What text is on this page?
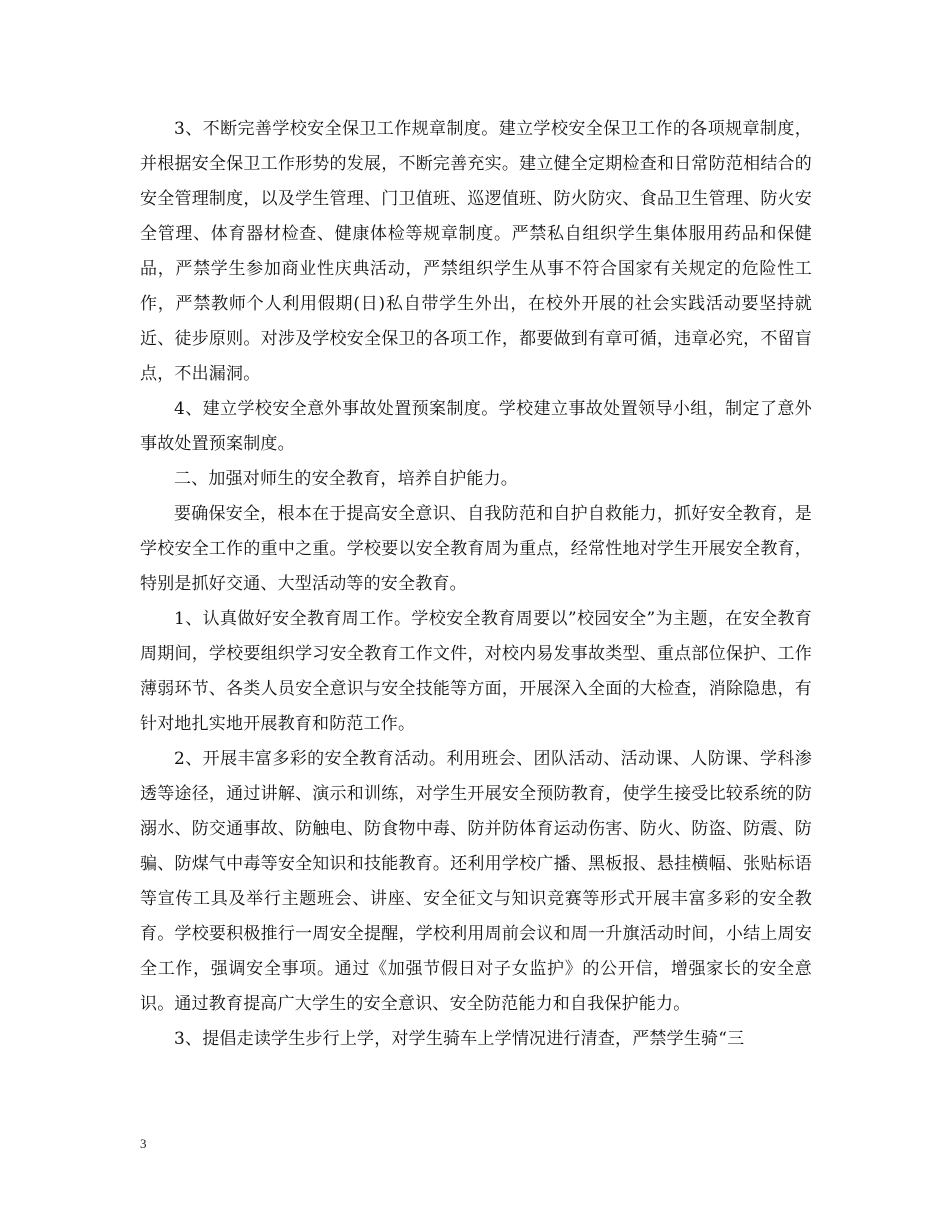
3、不断完善学校安全保卫工作规章制度。建立学校安全保卫工作的各项规章制度，并根据安全保卫工作形势的发展，不断完善充实。建立健全定期检查和日常防范相结合的安全管理制度，以及学生管理、门卫值班、巡逻值班、防火防灾、食品卫生管理、防火安全管理、体育器材检查、健康体检等规章制度。严禁私自组织学生集体服用药品和保健品，严禁学生参加商业性庆典活动，严禁组织学生从事不符合国家有关规定的危险性工作，严禁教师个人利用假期(日)私自带学生外出，在校外开展的社会实践活动要坚持就近、徒步原则。对涉及学校安全保卫的各项工作，都要做到有章可循，违章必究，不留盲点，不出漏洞。

4、建立学校安全意外事故处置预案制度。学校建立事故处置领导小组，制定了意外事故处置预案制度。

二、加强对师生的安全教育，培养自护能力。

要确保安全，根本在于提高安全意识、自我防范和自护自救能力，抓好安全教育，是学校安全工作的重中之重。学校要以安全教育周为重点，经常性地对学生开展安全教育，特别是抓好交通、大型活动等的安全教育。

1、认真做好安全教育周工作。学校安全教育周要以”校园安全”为主题，在安全教育周期间，学校要组织学习安全教育工作文件，对校内易发事故类型、重点部位保护、工作薄弱环节、各类人员安全意识与安全技能等方面，开展深入全面的大检查，消除隐患，有针对地扎实地开展教育和防范工作。

2、开展丰富多彩的安全教育活动。利用班会、团队活动、活动课、人防课、学科渗透等途径，通过讲解、演示和训练，对学生开展安全预防教育，使学生接受比较系统的防溺水、防交通事故、防触电、防食物中毒、防并防体育运动伤害、防火、防盗、防震、防骗、防煤气中毒等安全知识和技能教育。还利用学校广播、黑板报、悬挂横幅、张贴标语等宣传工具及举行主题班会、讲座、安全征文与知识竞赛等形式开展丰富多彩的安全教育。学校要积极推行一周安全提醒，学校利用周前会议和周一升旗活动时间，小结上周安全工作，强调安全事项。通过《加强节假日对子女监护》的公开信，增强家长的安全意识。通过教育提高广大学生的安全意识、安全防范能力和自我保护能力。

3、提倡走读学生步行上学，对学生骑车上学情况进行清查，严禁学生骑“三

3
